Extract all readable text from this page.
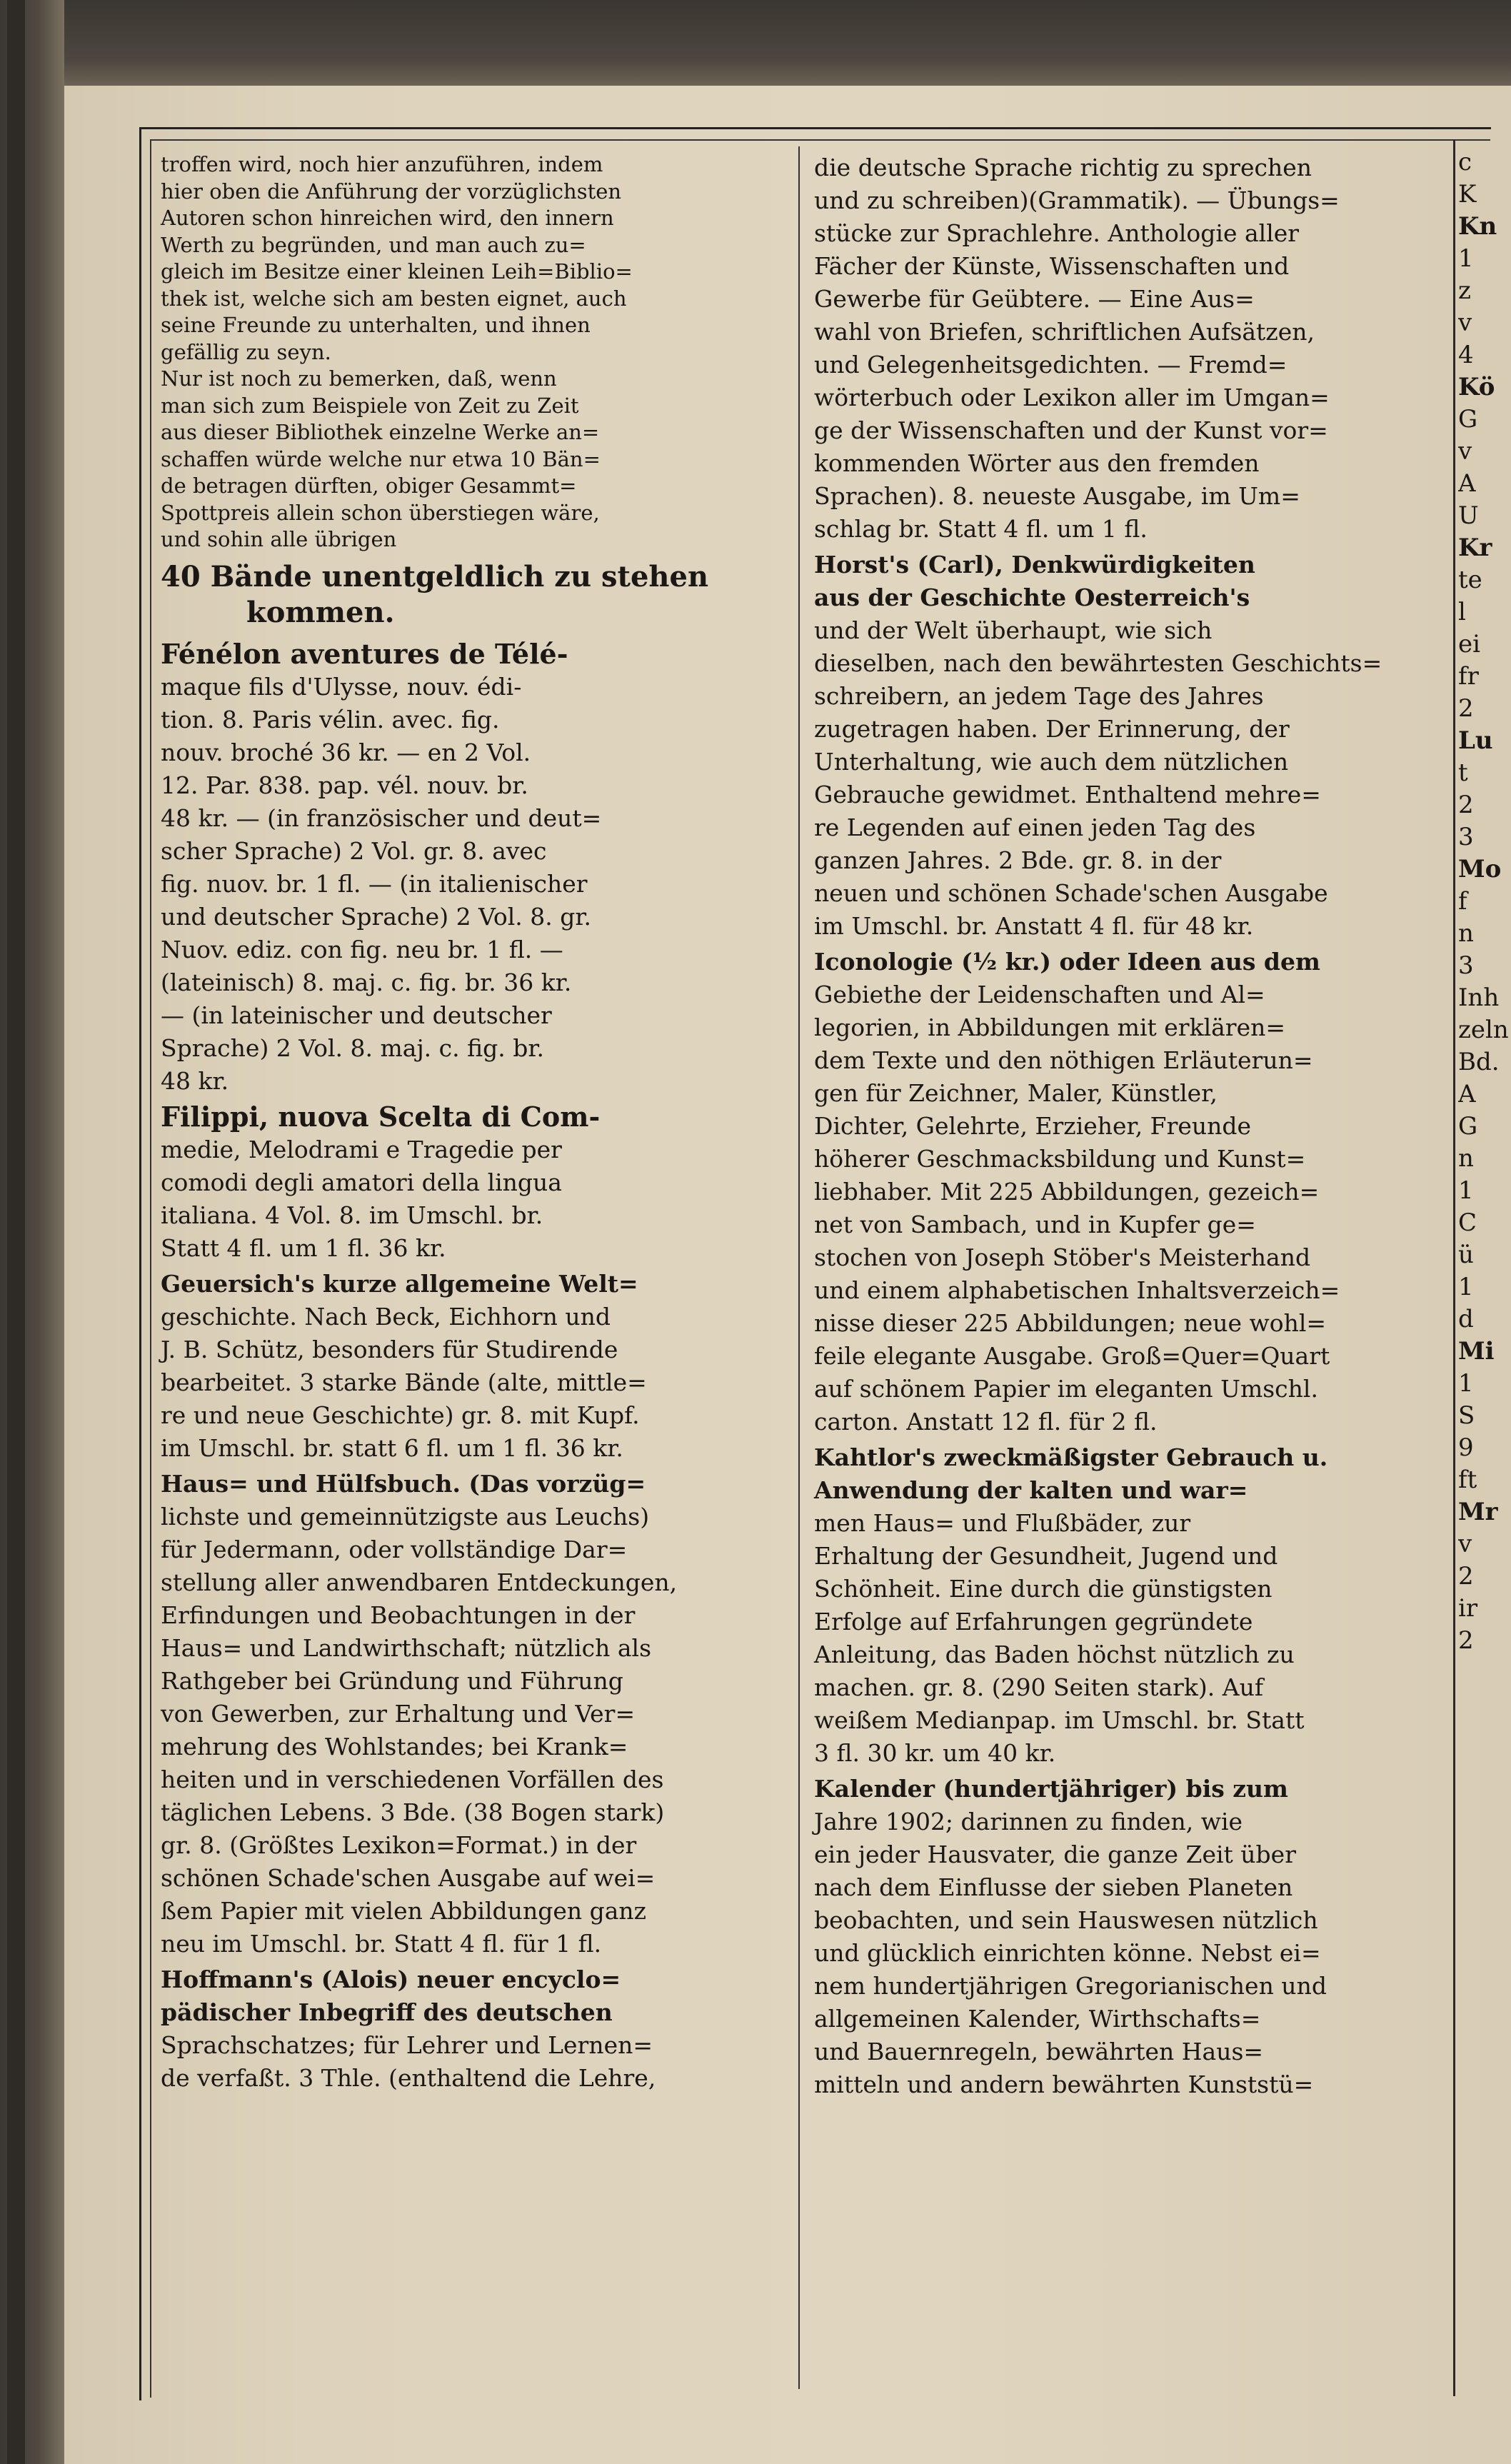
troffen wird, noch hier anzuführen, indem

hier oben die Anführung der vorzüglichsten

Autoren schon hinreichen wird, den innern

Werth zu begründen, und man auch zu=

gleich im Besitze einer kleinen Leih=Biblio=

thek ist, welche sich am besten eignet, auch

seine Freunde zu unterhalten, und ihnen

gefällig zu seyn.

Nur ist noch zu bemerken, daß, wenn

man sich zum Beispiele von Zeit zu Zeit

aus dieser Bibliothek einzelne Werke an=

schaffen würde welche nur etwa 10 Bän=

de betragen dürften, obiger Gesammt=

Spottpreis allein schon überstiegen wäre,

und sohin alle übrigen

40 Bände unentgeldlich zu stehen

kommen.

Fénélon aventures de Télé-

maque fils d'Ulysse, nouv. édi-

tion. 8. Paris vélin. avec. fig.

nouv. broché 36 kr. — en 2 Vol.

12. Par. 838. pap. vél. nouv. br.

48 kr. — (in französischer und deut=

scher Sprache) 2 Vol. gr. 8. avec

fig. nuov. br. 1 fl. — (in italienischer

und deutscher Sprache) 2 Vol. 8. gr.

Nuov. ediz. con fig. neu br. 1 fl. —

(lateinisch) 8. maj. c. fig. br. 36 kr.

— (in lateinischer und deutscher

Sprache) 2 Vol. 8. maj. c. fig. br.

48 kr.

Filippi, nuova Scelta di Com-

medie, Melodrami e Tragedie per

comodi degli amatori della lingua

italiana. 4 Vol. 8. im Umschl. br.

Statt 4 fl. um 1 fl. 36 kr.

Geuersich's kurze allgemeine Welt=

geschichte. Nach Beck, Eichhorn und

J. B. Schütz, besonders für Studirende

bearbeitet. 3 starke Bände (alte, mittle=

re und neue Geschichte) gr. 8. mit Kupf.

im Umschl. br. statt 6 fl. um 1 fl. 36 kr.

Haus= und Hülfsbuch. (Das vorzüg=

lichste und gemeinnützigste aus Leuchs)

für Jedermann, oder vollständige Dar=

stellung aller anwendbaren Entdeckungen,

Erfindungen und Beobachtungen in der

Haus= und Landwirthschaft; nützlich als

Rathgeber bei Gründung und Führung

von Gewerben, zur Erhaltung und Ver=

mehrung des Wohlstandes; bei Krank=

heiten und in verschiedenen Vorfällen des

täglichen Lebens. 3 Bde. (38 Bogen stark)

gr. 8. (Größtes Lexikon=Format.) in der

schönen Schade'schen Ausgabe auf wei=

ßem Papier mit vielen Abbildungen ganz

neu im Umschl. br. Statt 4 fl. für 1 fl.

Hoffmann's (Alois) neuer encyclo=

pädischer Inbegriff des deutschen

Sprachschatzes; für Lehrer und Lernen=

de verfaßt. 3 Thle. (enthaltend die Lehre,

die deutsche Sprache richtig zu sprechen

und zu schreiben)(Grammatik). — Übungs=

stücke zur Sprachlehre. Anthologie aller

Fächer der Künste, Wissenschaften und

Gewerbe für Geübtere. — Eine Aus=

wahl von Briefen, schriftlichen Aufsätzen,

und Gelegenheitsgedichten. — Fremd=

wörterbuch oder Lexikon aller im Umgan=

ge der Wissenschaften und der Kunst vor=

kommenden Wörter aus den fremden

Sprachen). 8. neueste Ausgabe, im Um=

schlag br. Statt 4 fl. um 1 fl.

Horst's (Carl), Denkwürdigkeiten

aus der Geschichte Oesterreich's

und der Welt überhaupt, wie sich

dieselben, nach den bewährtesten Geschichts=

schreibern, an jedem Tage des Jahres

zugetragen haben. Der Erinnerung, der

Unterhaltung, wie auch dem nützlichen

Gebrauche gewidmet. Enthaltend mehre=

re Legenden auf einen jeden Tag des

ganzen Jahres. 2 Bde. gr. 8. in der

neuen und schönen Schade'schen Ausgabe

im Umschl. br. Anstatt 4 fl. für 48 kr.

Iconologie (½ kr.) oder Ideen aus dem

Gebiethe der Leidenschaften und Al=

legorien, in Abbildungen mit erklären=

dem Texte und den nöthigen Erläuterun=

gen für Zeichner, Maler, Künstler,

Dichter, Gelehrte, Erzieher, Freunde

höherer Geschmacksbildung und Kunst=

liebhaber. Mit 225 Abbildungen, gezeich=

net von Sambach, und in Kupfer ge=

stochen von Joseph Stöber's Meisterhand

und einem alphabetischen Inhaltsverzeich=

nisse dieser 225 Abbildungen; neue wohl=

feile elegante Ausgabe. Groß=Quer=Quart

auf schönem Papier im eleganten Umschl.

carton. Anstatt 12 fl. für 2 fl.

Kahtlor's zweckmäßigster Gebrauch u.

Anwendung der kalten und war=

men Haus= und Flußbäder, zur

Erhaltung der Gesundheit, Jugend und

Schönheit. Eine durch die günstigsten

Erfolge auf Erfahrungen gegründete

Anleitung, das Baden höchst nützlich zu

machen. gr. 8. (290 Seiten stark). Auf

weißem Medianpap. im Umschl. br. Statt

3 fl. 30 kr. um 40 kr.

Kalender (hundertjähriger) bis zum

Jahre 1902; darinnen zu finden, wie

ein jeder Hausvater, die ganze Zeit über

nach dem Einflusse der sieben Planeten

beobachten, und sein Hauswesen nützlich

und glücklich einrichten könne. Nebst ei=

nem hundertjährigen Gregorianischen und

allgemeinen Kalender, Wirthschafts=

und Bauernregeln, bewährten Haus=

mitteln und andern bewährten Kunststü=

c
K
Kn
1
z
v
4
Kö
G
v
A
U
Kr
te
l
ei
fr
2
Lu
t
2
3
Mo
f
n
3
Inh
zeln
Bd.
A
G
n
1
C
ü
1
d
Mi
1
S
9
ft
Mr
v
2
ir
2
